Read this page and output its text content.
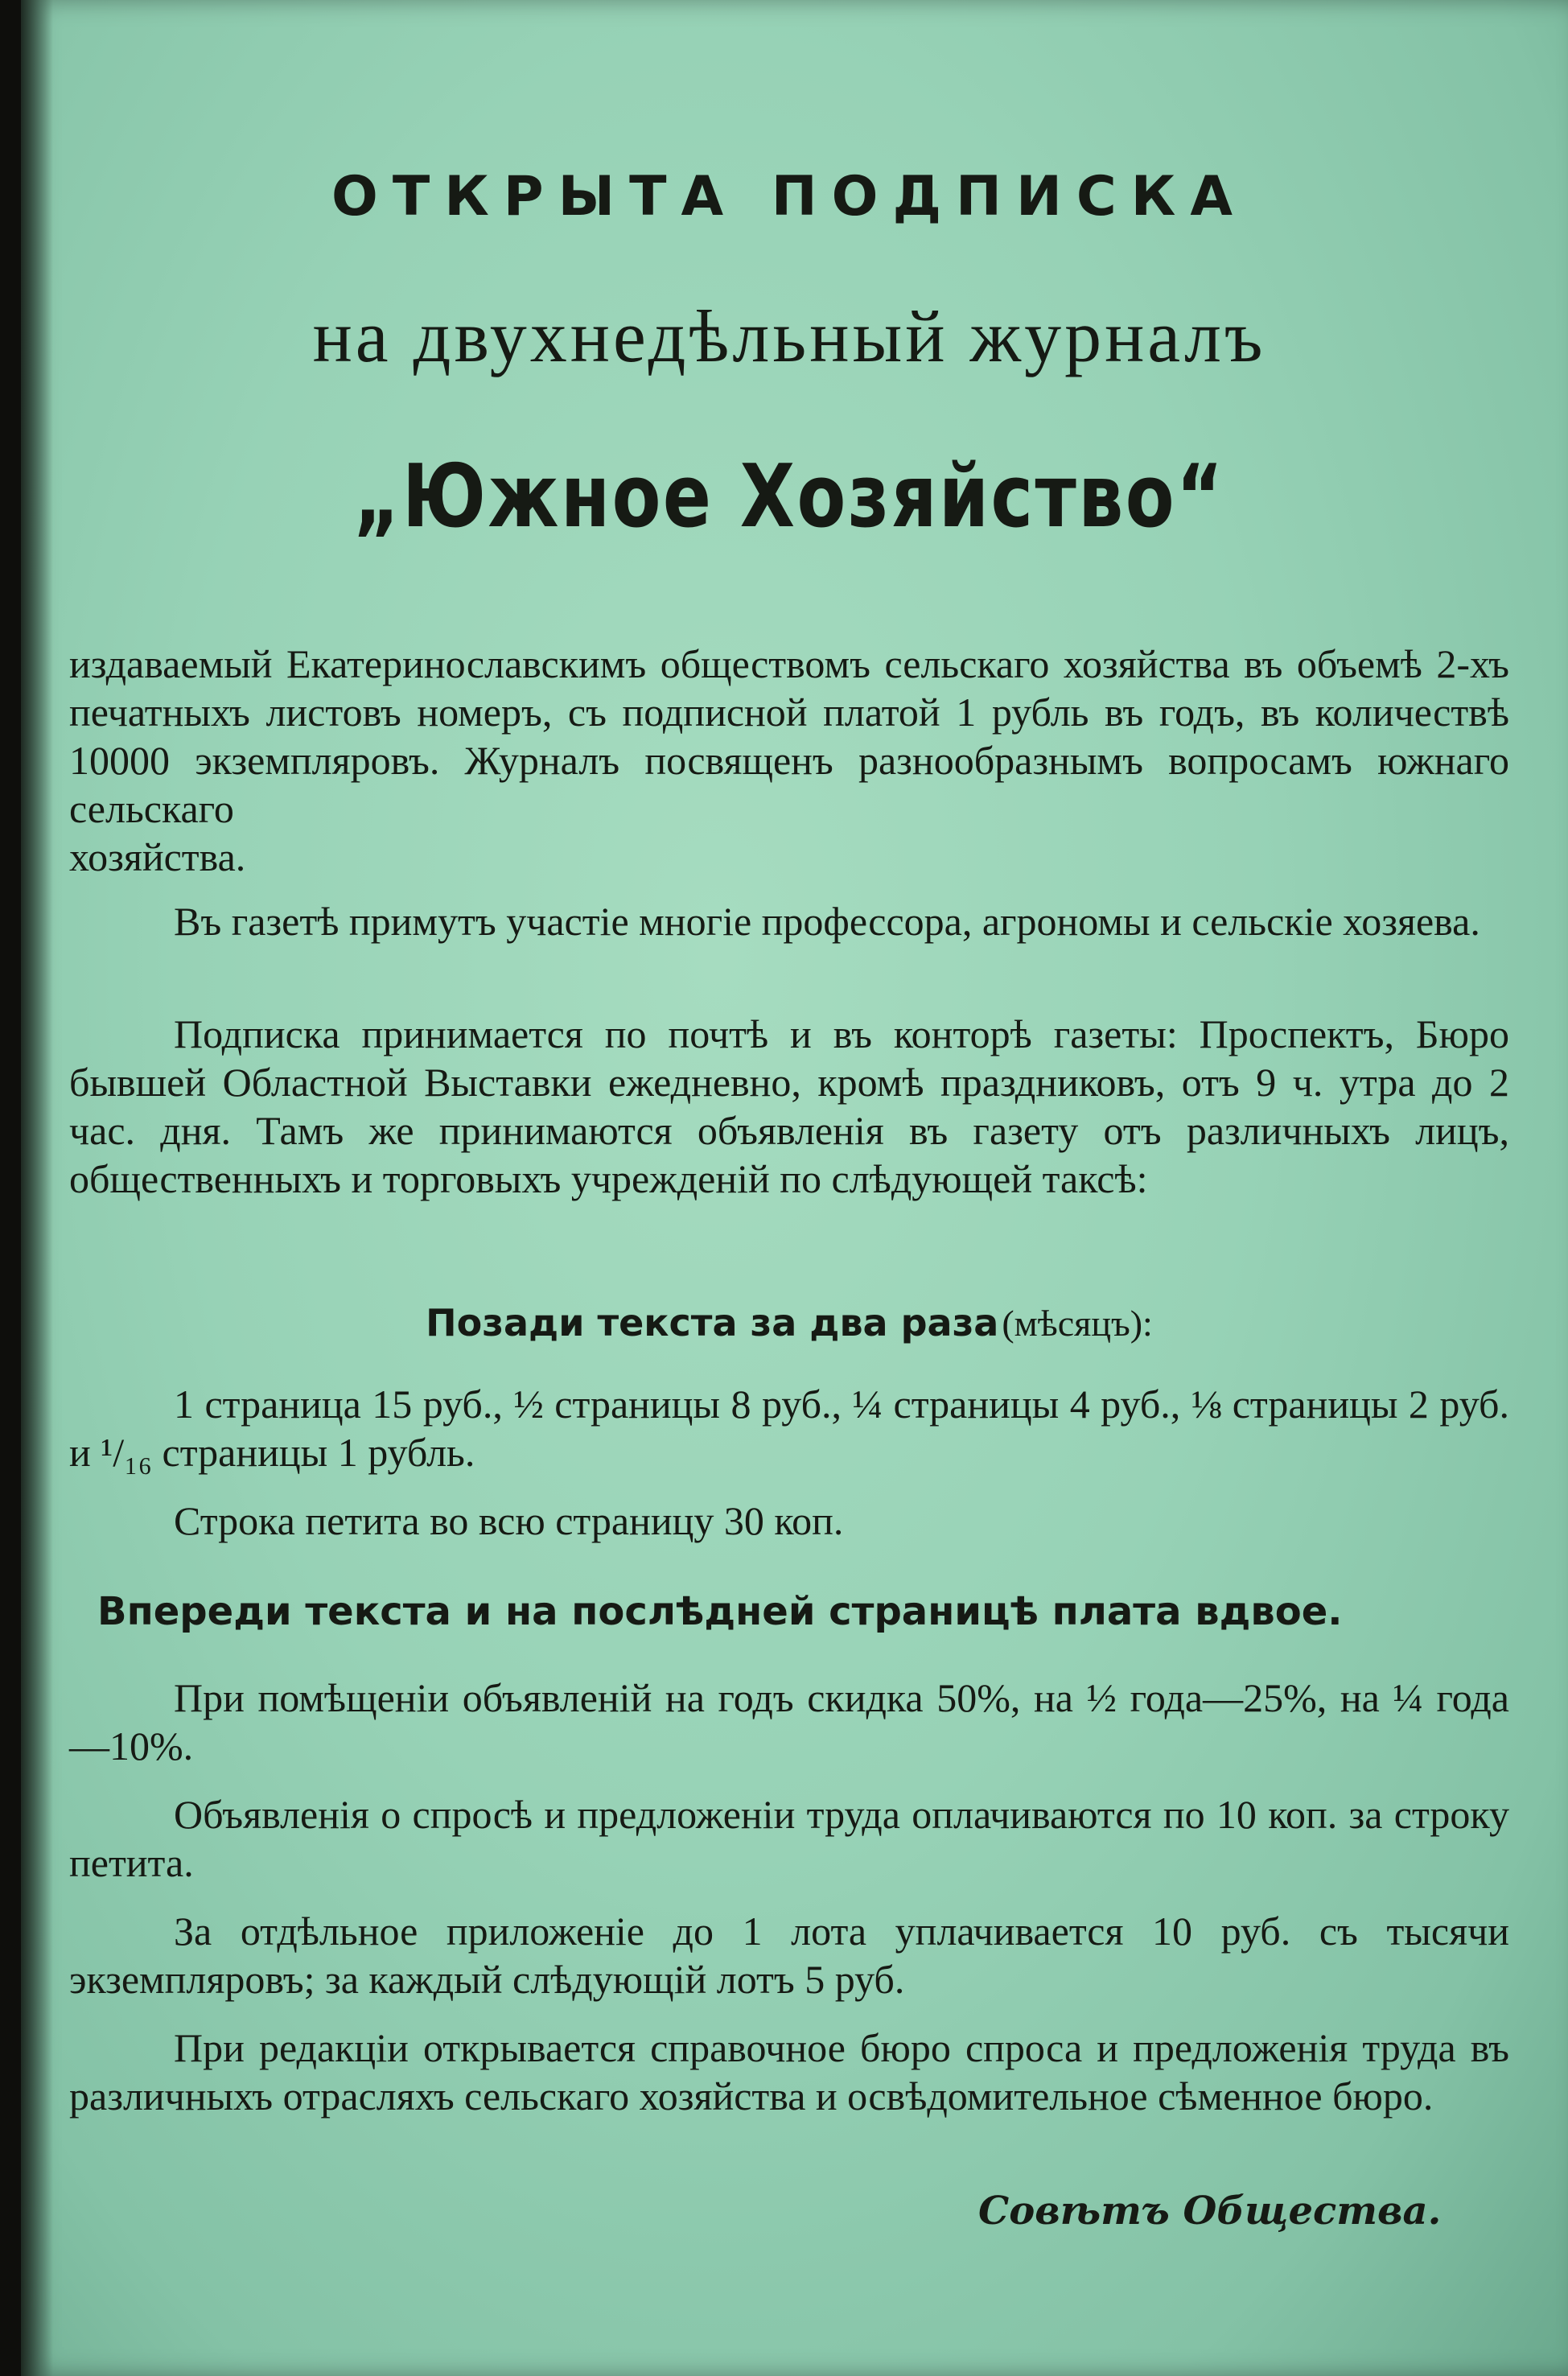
ОТКРЫТА ПОДПИСКА
на двухнедѣльный журналъ
„Южное Хозяйство“
издаваемый Екатеринославскимъ обществомъ сельскаго хозяйства въ объемѣ 2-хъ печатныхъ листовъ номеръ, съ подписной платой 1 рубль въ годъ, въ количествѣ 10000 экземпляровъ. Журналъ посвященъ разнообразнымъ вопросамъ южнаго сельскаго
хозяйства.
Въ газетѣ примутъ участіе многіе профессора, агрономы и сельскіе хозяева.
Подписка принимается по почтѣ и въ конторѣ газеты: Проспектъ, Бюро бывшей Областной Выставки ежедневно, кромѣ праздниковъ, отъ 9 ч. утра до 2 час. дня. Тамъ же принимаются объявленія въ газету отъ различныхъ лицъ, общественныхъ и торговыхъ учрежденій по слѣдующей таксѣ:
Позади текста за два раза (мѣсяцъ):
1 страница 15 руб., ½ страницы 8 руб., ¼ страницы 4 руб., ⅛ страницы 2 руб. и ¹/₁₆ страницы 1 рубль.
Строка петита во всю страницу 30 коп.
Впереди текста и на послѣдней страницѣ плата вдвое.
При помѣщеніи объявленій на годъ скидка 50%, на ½ года—25%, на ¼ года—10%.
Объявленія о спросѣ и предложеніи труда оплачиваются по 10 коп. за строку петита.
За отдѣльное приложеніе до 1 лота уплачивается 10 руб. съ тысячи экземпляровъ; за каждый слѣдующій лотъ 5 руб.
При редакціи открывается справочное бюро спроса и предложенія труда въ различныхъ отрасляхъ сельскаго хозяйства и освѣдомительное сѣменное бюро.
Совѣтъ Общества.
